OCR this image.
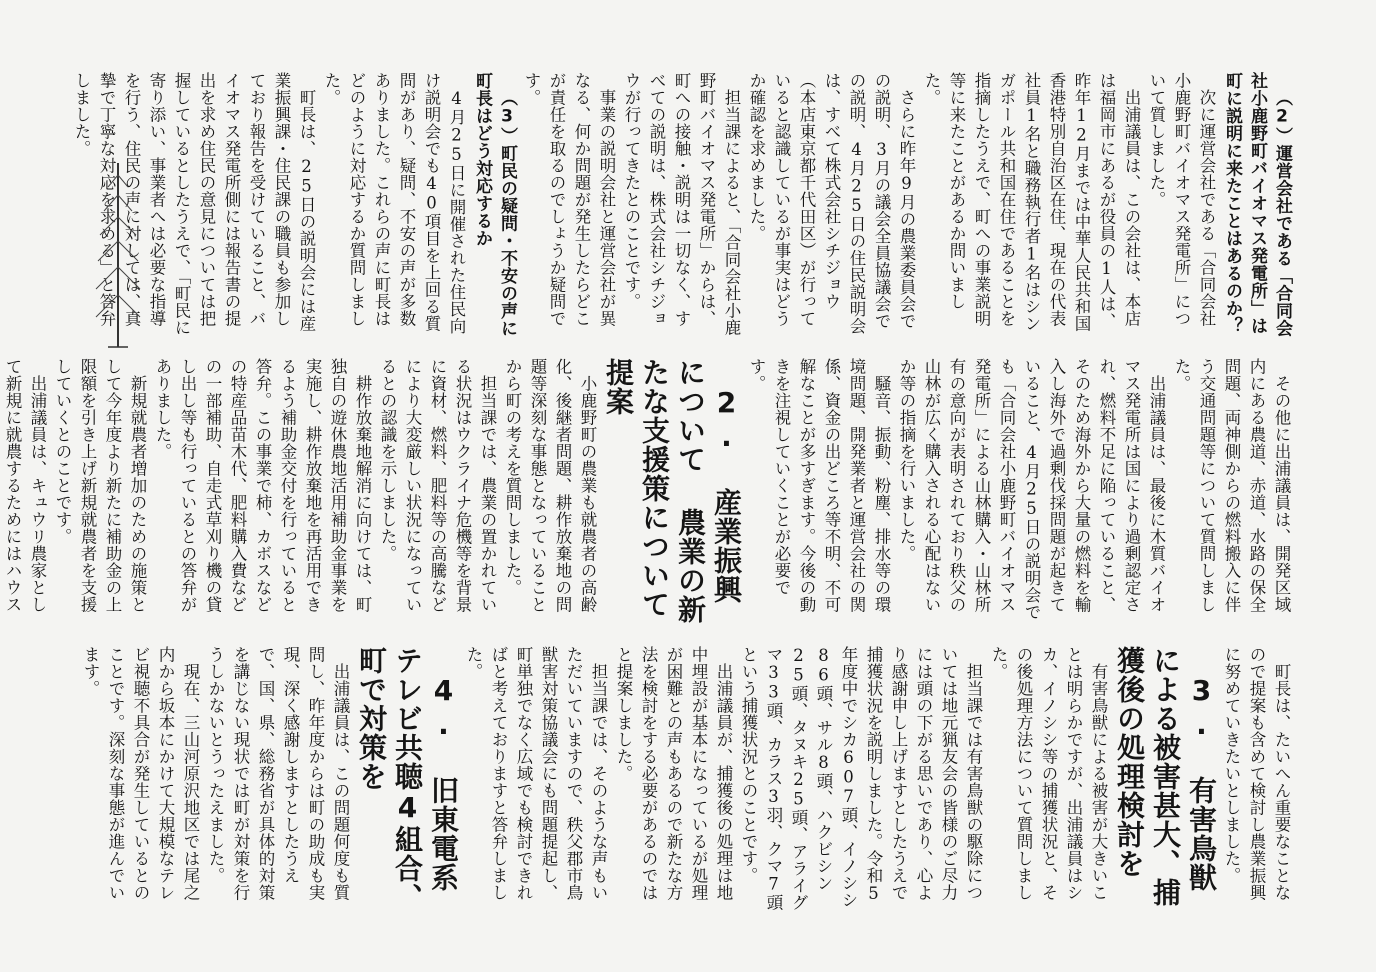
（2）運営会社である「合同会社小鹿野町バイオマス発電所」は町に説明に来たことはあるのか？

次に運営会社である「合同会社小鹿野町バイオマス発電所」について質しました。

出浦議員は、この会社は、本店は福岡市にあるが役員の1人は、昨年12月までは中華人民共和国香港特別自治区在住、現在の代表社員1名と職務執行者1名はシンガポール共和国在住であることを指摘したうえで、町への事業説明等に来たことがあるか問いました。

さらに昨年9月の農業委員会での説明、3月の議会全員協議会での説明、4月25日の住民説明会は、すべて株式会社シチジョウ（本店東京都千代田区）が行っていると認識しているが事実はどうか確認を求めました。

担当課によると、「合同会社小鹿野町バイオマス発電所」からは、町への接触・説明は一切なく、すべての説明は、株式会社シチジョウが行ってきたとのことです。

事業の説明会社と運営会社が異なる、何か問題が発生したらどこが責任を取るのでしょうか疑問です。

（3）町民の疑問・不安の声に町長はどう対応するか

4月25日に開催された住民向け説明会でも40項目を上回る質問があり、疑問、不安の声が多数ありました。これらの声に町長はどのように対応するか質問しました。

町長は、25日の説明会には産業振興課・住民課の職員も参加しており報告を受けていること、バイオマス発電所側には報告書の提出を求め住民の意見については把握しているとしたうえで、「町民に寄り添い、事業者へは必要な指導を行う、住民の声に対しては、真摯で丁寧な対応を求める」と答弁しました。

その他に出浦議員は、開発区域内にある農道、赤道、水路の保全問題、両神側からの燃料搬入に伴う交通問題等について質問しました。

出浦議員は、最後に木質バイオマス発電所は国により過剰認定され、燃料不足に陥っていること、そのため海外から大量の燃料を輸入し海外で過剰伐採問題が起きていること、4月25日の説明会でも「合同会社小鹿野町バイオマス発電所」による山林購入・山林所有の意向が表明されており秩父の山林が広く購入される心配はないか等の指摘を行いました。

騒音、振動、粉塵、排水等の環境問題、開発業者と運営会社の関係、資金の出どころ等不明、不可解なことが多すぎます。今後の動きを注視していくことが必要です。

2. 産業振興について 農業の新たな支援策について提案

小鹿野町の農業も就農者の高齢化、後継者問題、耕作放棄地の問題等深刻な事態となっていることから町の考えを質問しました。

担当課では、農業の置かれている状況はウクライナ危機等を背景に資材、燃料、肥料等の高騰などにより大変厳しい状況になっているとの認識を示しました。

耕作放棄地解消に向けては、町独自の遊休農地活用補助金事業を実施し、耕作放棄地を再活用できるよう補助金交付を行っていると答弁。この事業で柿、カボスなどの特産品苗木代、肥料購入費などの一部補助、自走式草刈り機の貸し出し等も行っているとの答弁がありました。

新規就農者増加のための施策として今年度より新たに補助金の上限額を引き上げ新規就農者を支援していくとのことです。

出浦議員は、キュウリ農家として新規に就農するためにはハウス

町長は、たいへん重要なことなので提案も含めて検討し農業振興に努めていきたいとしました。

3. 有害鳥獣による被害甚大、捕獲後の処理検討を

有害鳥獣による被害が大きいことは明らかですが、出浦議員はシカ、イノシシ等の捕獲状況と、その後処理方法について質問しました。

担当課では有害鳥獣の駆除については地元猟友会の皆様のご尽力には頭の下がる思いであり、心より感謝申し上げますとしたうえで捕獲状況を説明しました。令和5年度中でシカ607頭、イノシシ86頭、サル8頭、ハクビシン25頭、タヌキ25頭、アライグマ33頭、カラス3羽、クマ7頭という捕獲状況とのことです。

出浦議員が、捕獲後の処理は地中埋設が基本になっているが処理が困難との声もあるので新たな方法を検討をする必要があるのではと提案しました。

担当課では、そのような声もいただいていますので、秩父郡市鳥獣害対策協議会にも問題提起し、町単独でなく広域でも検討できればと考えておりますと答弁しました。

4. 旧東電系テレビ共聴4組合、町で対策を

出浦議員は、この問題何度も質問し、昨年度からは町の助成も実現、深く感謝しますとしたうえで、国、県、総務省が具体的対策を講じない現状では町が対策を行うしかないとうったえました。

現在、三山河原沢地区では尾之内から坂本にかけて大規模なテレビ視聴不具合が発生しているとのことです。深刻な事態が進んでいます。
